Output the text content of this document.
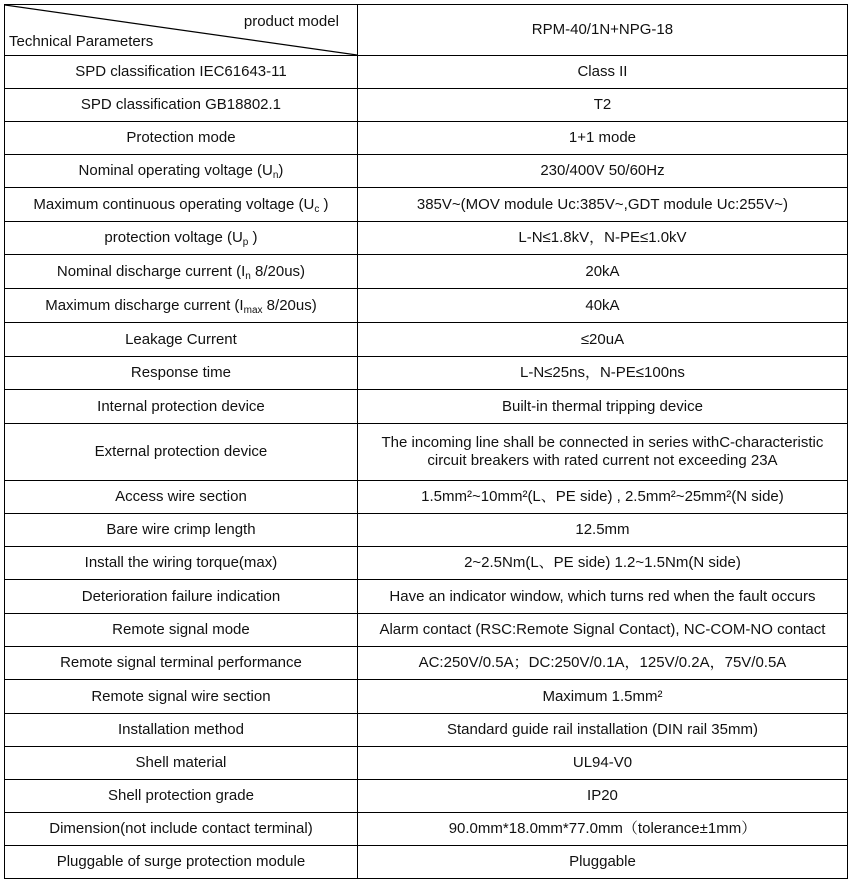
product model
Technical Parameters	RPM-40/1N+NPG-18
SPD classification IEC61643-11	Class II
SPD classification GB18802.1	T2
Protection mode	1+1 mode
Nominal operating voltage $(U_n)$	230/400V 50/60Hz
Maximum continuous operating voltage ($U_c$ )	385V~(MOV module Uc:385V~,GDT module Uc:255V~)
protection voltage ($U_p$ )	L-N≤1.8kV，N-PE≤1.0kV
Nominal discharge current ($I_n$ 8/20us)	20kA
Maximum discharge current ($I_{max}$ 8/20us)	40kA
Leakage Current	≤20uA
Response time	L-N≤25ns，N-PE≤100ns
Internal protection device	Built-in thermal tripping device
External protection device	The incoming line shall be connected in series withC-characteristic circuit breakers with rated current not exceeding 23A
Access wire section	1.5mm²~10mm²(L、PE side) , 2.5mm²~25mm²(N side)
Bare wire crimp length	12.5mm
Install the wiring torque(max)	2~2.5Nm(L、PE side) 1.2~1.5Nm(N side)
Deterioration failure indication	Have an indicator window, which turns red when the fault occurs
Remote signal mode	Alarm contact (RSC:Remote Signal Contact), NC-COM-NO contact
Remote signal terminal performance	AC:250V/0.5A；DC:250V/0.1A，125V/0.2A，75V/0.5A
Remote signal wire section	Maximum 1.5mm²
Installation method	Standard guide rail installation (DIN rail 35mm)
Shell material	UL94-V0
Shell protection grade	IP20
Dimension(not include contact terminal)	90.0mm*18.0mm*77.0mm（tolerance±1mm）
Pluggable of surge protection module	Pluggable
